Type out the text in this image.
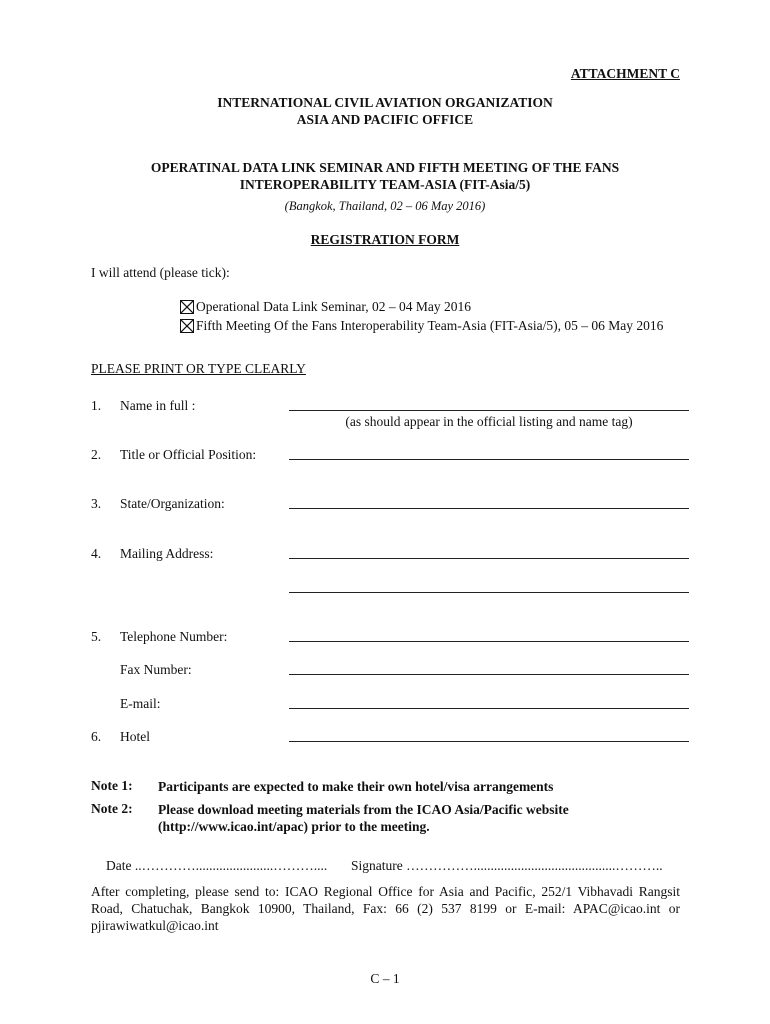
ATTACHMENT C
INTERNATIONAL CIVIL AVIATION ORGANIZATION
ASIA AND PACIFIC OFFICE
OPERATINAL DATA LINK SEMINAR AND FIFTH MEETING OF THE FANS
INTEROPERABILITY TEAM-ASIA (FIT-Asia/5)
(Bangkok, Thailand, 02 – 06 May 2016)
REGISTRATION FORM
I will attend (please tick):
Operational Data Link Seminar, 02 – 04 May 2016
Fifth Meeting Of the Fans Interoperability Team-Asia (FIT-Asia/5), 05 – 06 May 2016
PLEASE PRINT OR TYPE CLEARLY
1. Name in full :
(as should appear in the official listing and name tag)
2. Title or Official Position:
3. State/Organization:
4. Mailing Address:
5. Telephone Number:
Fax Number:
E-mail:
6. Hotel
Note 1: Participants are expected to make their own hotel/visa arrangements
Note 2: Please download meeting materials from the ICAO Asia/Pacific website
(http://www.icao.int/apac) prior to the meeting.
Date ..………….......................……….... Signature ……………..........................................………..
After completing, please send to: ICAO Regional Office for Asia and Pacific, 252/1 Vibhavadi Rangsit Road, Chatuchak, Bangkok 10900, Thailand, Fax: 66 (2) 537 8199 or E-mail: APAC@icao.int or pjirawiwatkul@icao.int
C – 1
